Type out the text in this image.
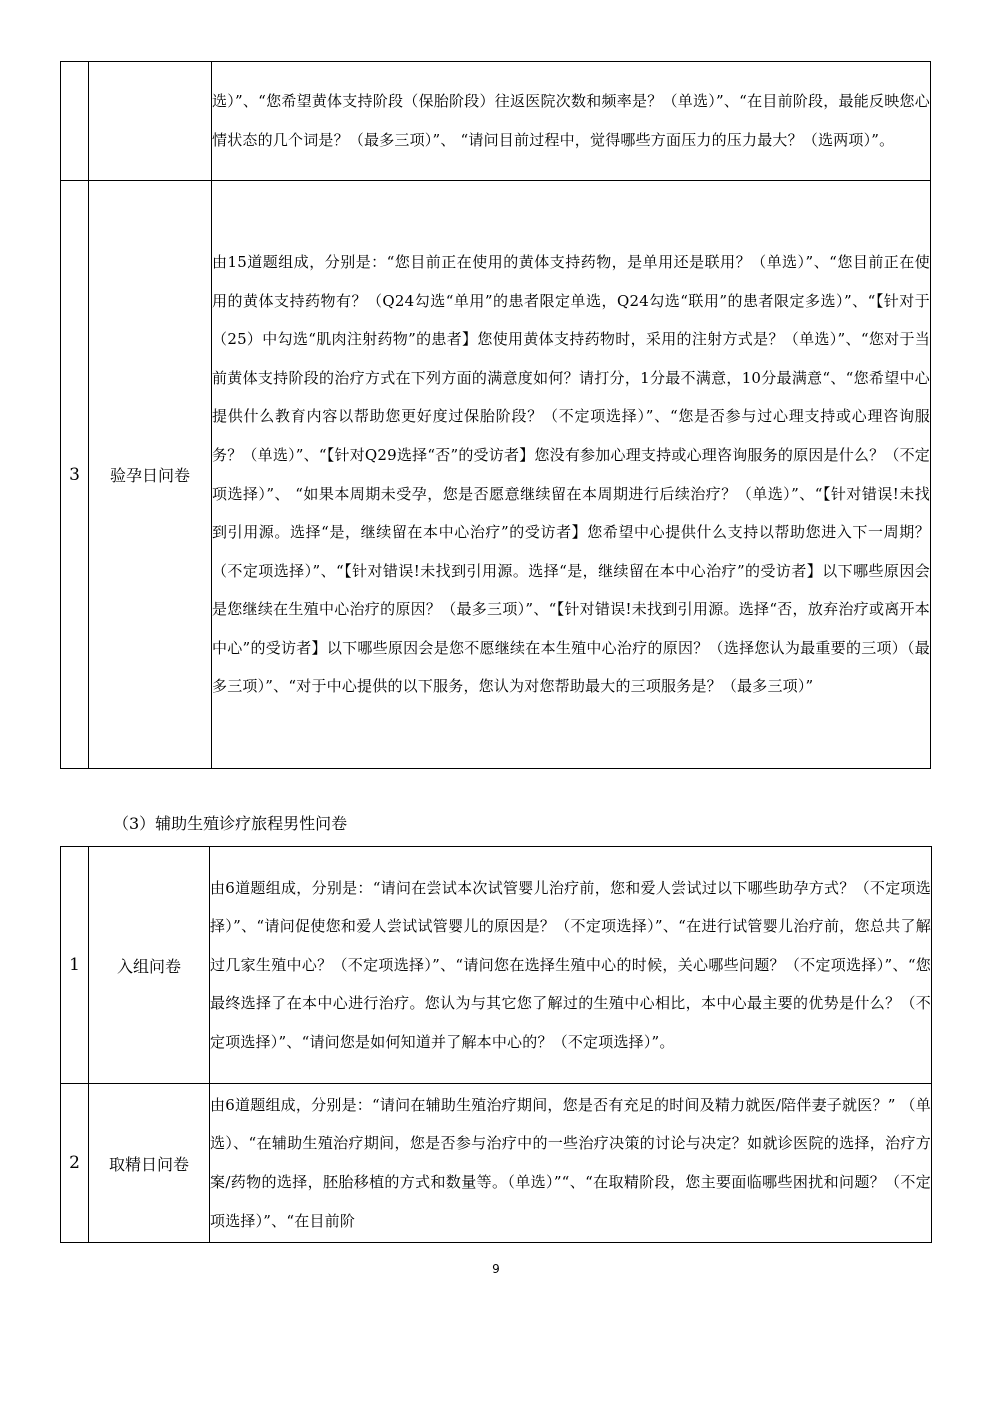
		选）”、“您希望黄体支持阶段（保胎阶段）往返医院次数和频率是？（单选）”、“在目前阶段，最能反映您心情状态的几个词是？（最多三项）”、 “请问目前过程中，觉得哪些方面压力的压力最大？（选两项）”。
3	验孕日问卷	由15道题组成，分别是：“您目前正在使用的黄体支持药物，是单用还是联用？（单选）”、“您目前正在使用的黄体支持药物有？（Q24勾选“单用”的患者限定单选，Q24勾选“联用”的患者限定多选）”、“【针对于（25）中勾选“肌肉注射药物”的患者】您使用黄体支持药物时，采用的注射方式是？（单选）”、“您对于当前黄体支持阶段的治疗方式在下列方面的满意度如何？请打分，1分最不满意，10分最满意“、“您希望中心提供什么教育内容以帮助您更好度过保胎阶段？（不定项选择）”、“您是否参与过心理支持或心理咨询服务？（单选）”、“【针对Q29选择“否”的受访者】您没有参加心理支持或心理咨询服务的原因是什么？（不定项选择）”、 “如果本周期未受孕，您是否愿意继续留在本周期进行后续治疗？（单选）”、“【针对错误!未找到引用源。选择“是，继续留在本中心治疗”的受访者】您希望中心提供什么支持以帮助您进入下一周期？（不定项选择）”、“【针对错误!未找到引用源。选择“是，继续留在本中心治疗”的受访者】以下哪些原因会是您继续在生殖中心治疗的原因？（最多三项）”、“【针对错误!未找到引用源。选择“否，放弃治疗或离开本中心”的受访者】以下哪些原因会是您不愿继续在本生殖中心治疗的原因？（选择您认为最重要的三项）（最多三项）”、“对于中心提供的以下服务，您认为对您帮助最大的三项服务是？（最多三项）”
（3）辅助生殖诊疗旅程男性问卷
1	入组问卷	由6道题组成，分别是：“请问在尝试本次试管婴儿治疗前，您和爱人尝试过以下哪些助孕方式？（不定项选择）”、“请问促使您和爱人尝试试管婴儿的原因是？（不定项选择）”、“在进行试管婴儿治疗前，您总共了解过几家生殖中心？（不定项选择）”、“请问您在选择生殖中心的时候，关心哪些问题？（不定项选择）”、“您最终选择了在本中心进行治疗。您认为与其它您了解过的生殖中心相比，本中心最主要的优势是什么？（不定项选择）”、“请问您是如何知道并了解本中心的？（不定项选择）”。
2	取精日问卷	由6道题组成，分别是：“请问在辅助生殖治疗期间，您是否有充足的时间及精力就医/陪伴妻子就医？” （单选）、“在辅助生殖治疗期间，您是否参与治疗中的一些治疗决策的讨论与决定？如就诊医院的选择，治疗方案/药物的选择，胚胎移植的方式和数量等。（单选）”“、“在取精阶段，您主要面临哪些困扰和问题？（不定项选择）”、“在目前阶
9
